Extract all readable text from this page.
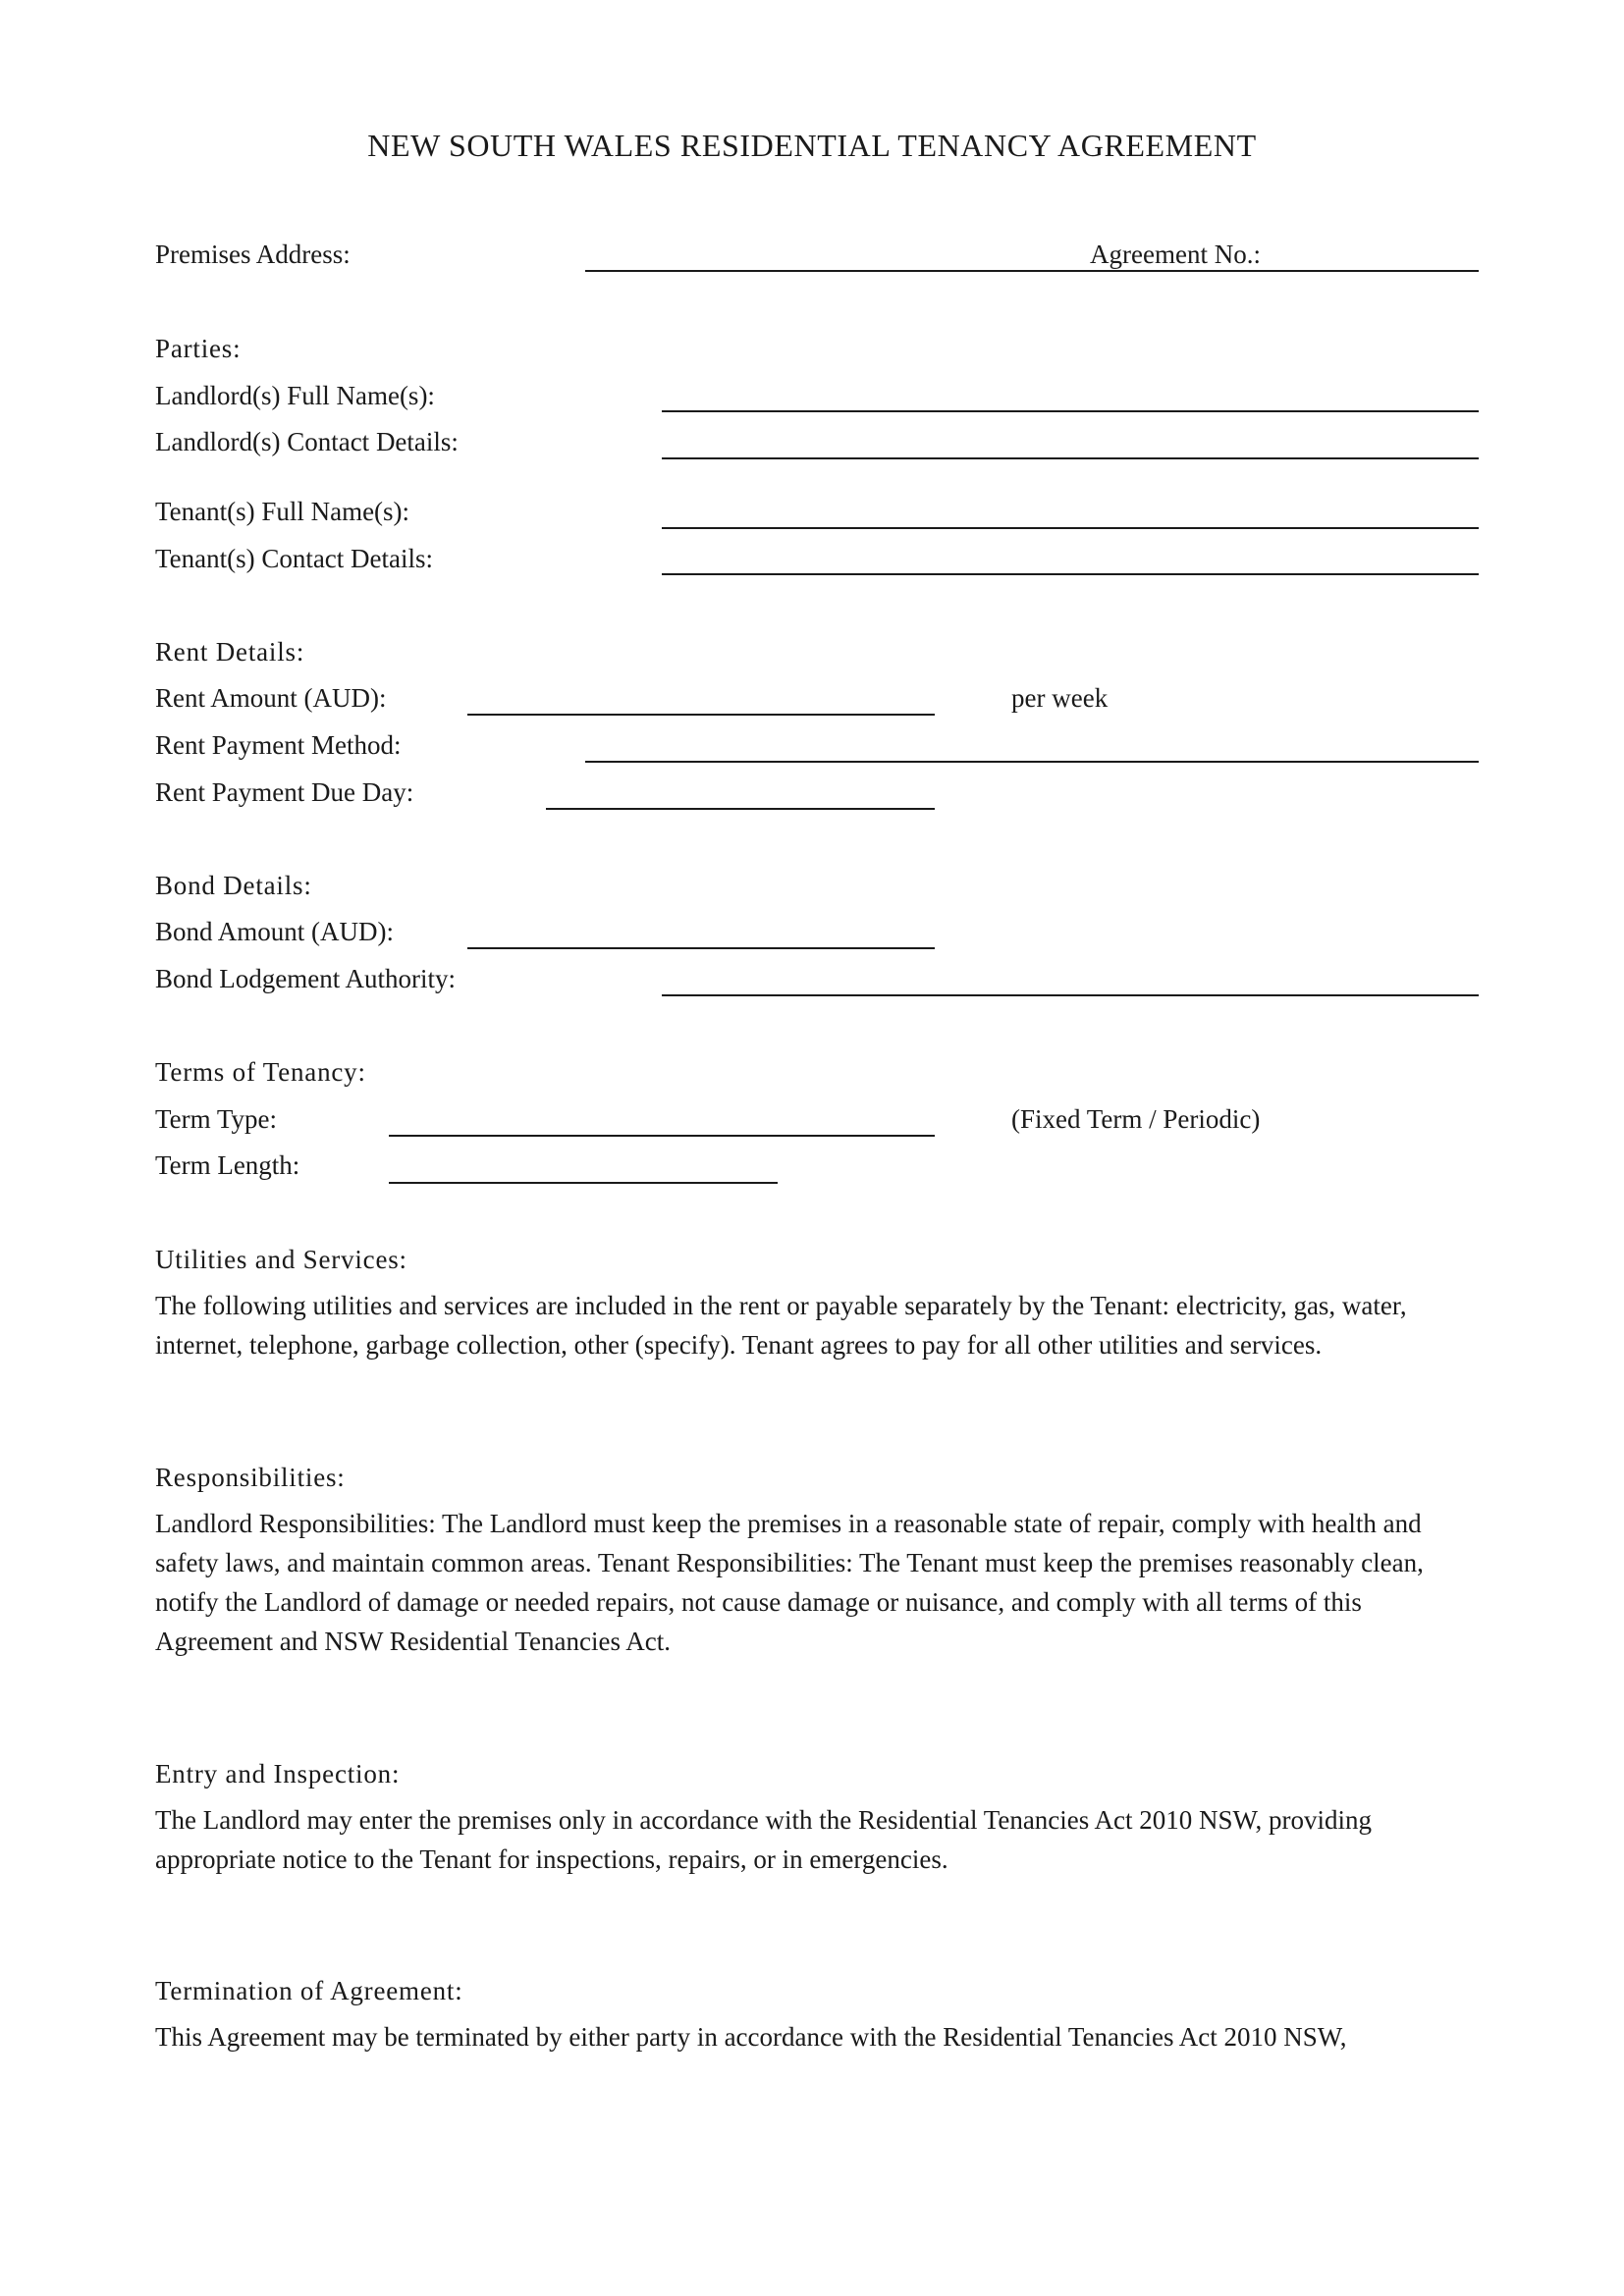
NEW SOUTH WALES RESIDENTIAL TENANCY AGREEMENT
Premises Address:	Agreement No.:
Parties:
Landlord(s) Full Name(s):
Landlord(s) Contact Details:
Tenant(s) Full Name(s):
Tenant(s) Contact Details:
Rent Details:
Rent Amount (AUD):	per week
Rent Payment Method:
Rent Payment Due Day:
Bond Details:
Bond Amount (AUD):
Bond Lodgement Authority:
Terms of Tenancy:
Term Type:	(Fixed Term / Periodic)
Term Length:
Utilities and Services:
The following utilities and services are included in the rent or payable separately by the Tenant: electricity, gas, water, internet, telephone, garbage collection, other (specify). Tenant agrees to pay for all other utilities and services.
Responsibilities:
Landlord Responsibilities: The Landlord must keep the premises in a reasonable state of repair, comply with health and safety laws, and maintain common areas. Tenant Responsibilities: The Tenant must keep the premises reasonably clean, notify the Landlord of damage or needed repairs, not cause damage or nuisance, and comply with all terms of this Agreement and NSW Residential Tenancies Act.
Entry and Inspection:
The Landlord may enter the premises only in accordance with the Residential Tenancies Act 2010 NSW, providing appropriate notice to the Tenant for inspections, repairs, or in emergencies.
Termination of Agreement:
This Agreement may be terminated by either party in accordance with the Residential Tenancies Act 2010 NSW,
